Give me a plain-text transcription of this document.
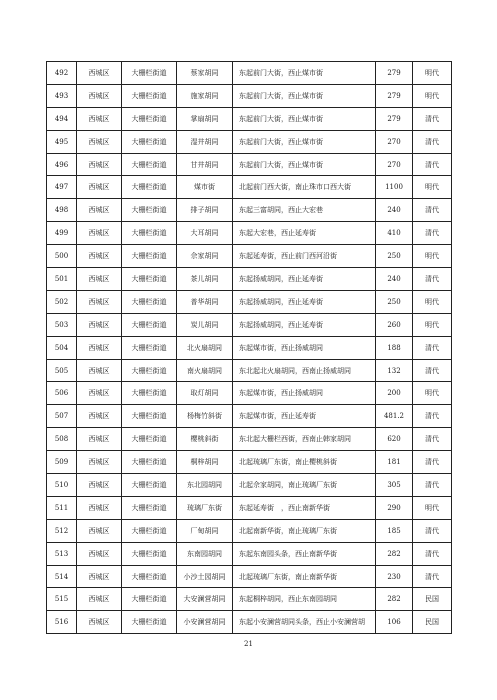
492	西城区	大栅栏街道	蔡家胡同	东起前门大街，西止煤市街	279	明代
493	西城区	大栅栏街道	施家胡同	东起前门大街，西止煤市街	279	明代
494	西城区	大栅栏街道	掌扇胡同	东起前门大街，西止煤市街	279	清代
495	西城区	大栅栏街道	湿井胡同	东起前门大街，西止煤市街	270	清代
496	西城区	大栅栏街道	甘井胡同	东起前门大街，西止煤市街	270	清代
497	西城区	大栅栏街道	煤市街	北起前门西大街，南止珠市口西大街	1100	明代
498	西城区	大栅栏街道	排子胡同	东起三富胡同，西止大宏巷	240	清代
499	西城区	大栅栏街道	大耳胡同	东起大宏巷，西止延寿街	410	清代
500	西城区	大栅栏街道	佘家胡同	东起延寿街，西止前门西河沿街	250	明代
501	西城区	大栅栏街道	茶儿胡同	东起扬威胡同，西止延寿街	240	清代
502	西城区	大栅栏街道	普华胡同	东起扬威胡同，西止延寿街	250	明代
503	西城区	大栅栏街道	炭儿胡同	东起扬威胡同，西止延寿街	260	明代
504	西城区	大栅栏街道	北火扇胡同	东起煤市街，西止扬威胡同	188	清代
505	西城区	大栅栏街道	南火扇胡同	东北起北火扇胡同，西南止扬威胡同	132	清代
506	西城区	大栅栏街道	取灯胡同	东起煤市街，西止扬威胡同	200	明代
507	西城区	大栅栏街道	杨梅竹斜街	东起煤市街，西止延寿街	481.2	清代
508	西城区	大栅栏街道	樱桃斜街	东北起大栅栏西街，西南止韩家胡同	620	清代
509	西城区	大栅栏街道	桐梓胡同	北起琉璃厂东街，南止樱桃斜街	181	清代
510	西城区	大栅栏街道	东北园胡同	北起佘家胡同，南止琉璃厂东街	305	清代
511	西城区	大栅栏街道	琉璃厂东街	东起延寿街　，西止南新华街	290	明代
512	西城区	大栅栏街道	厂甸胡同	北起南新华街，南止琉璃厂东街	185	清代
513	西城区	大栅栏街道	东南园胡同	东起东南园头条，西止南新华街	282	清代
514	西城区	大栅栏街道	小沙土园胡同	北起琉璃厂东街，南止南新华街	230	清代
515	西城区	大栅栏街道	大安澜营胡同	东起桐梓胡同，西止东南园胡同	282	民国
516	西城区	大栅栏街道	小安澜营胡同	东起小安澜营胡同头条，西止小安澜营胡	106	民国
21
